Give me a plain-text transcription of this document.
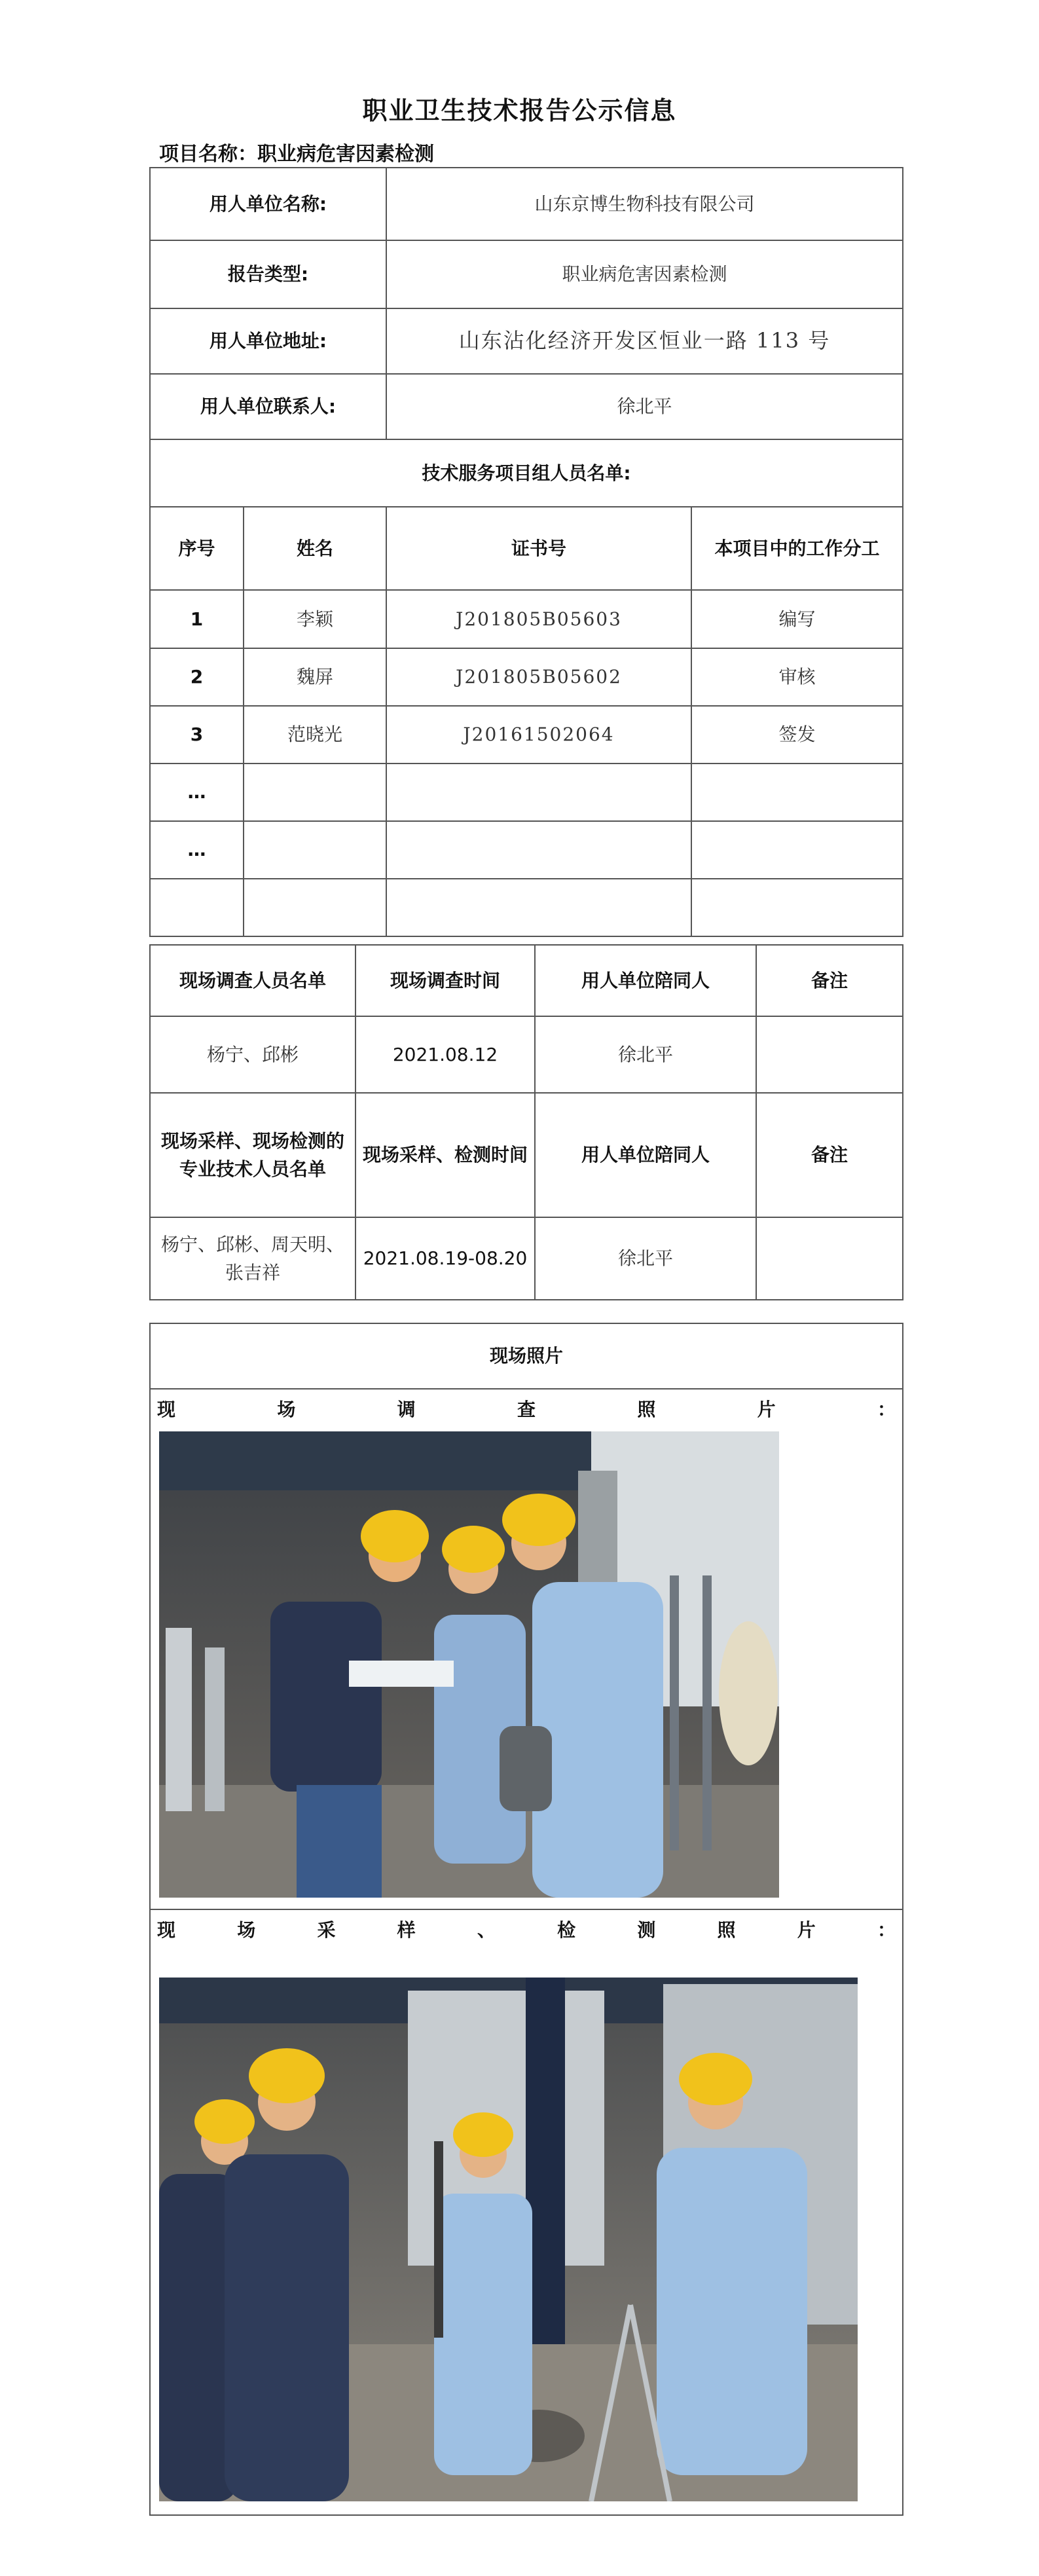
职业卫生技术报告公示信息
项目名称：职业病危害因素检测
用人单位名称:		山东京博生物科技有限公司	
报告类型:		职业病危害因素检测	
用人单位地址:		山东沾化经济开发区恒业一路 113 号	
用人单位联系人:		徐北平	
技术服务项目组人员名单:			
序号	姓名	证书号	本项目中的工作分工
1	李颖	J201805B05603	编写
2	魏屏	J201805B05602	审核
3	范晓光	J20161502064	签发
…			
…			

现场调查人员名单	现场调查时间	用人单位陪同人	备注
杨宁、邱彬	2021.08.12	徐北平	
现场采样、现场检测的专业技术人员名单	现场采样、检测时间	用人单位陪同人	备注
杨宁、邱彬、周天明、张吉祥	2021.08.19-08.20	徐北平	
现场照片

现	场	调	查	照	片	：

现	场	采	样	、	检	测	照	片	：
